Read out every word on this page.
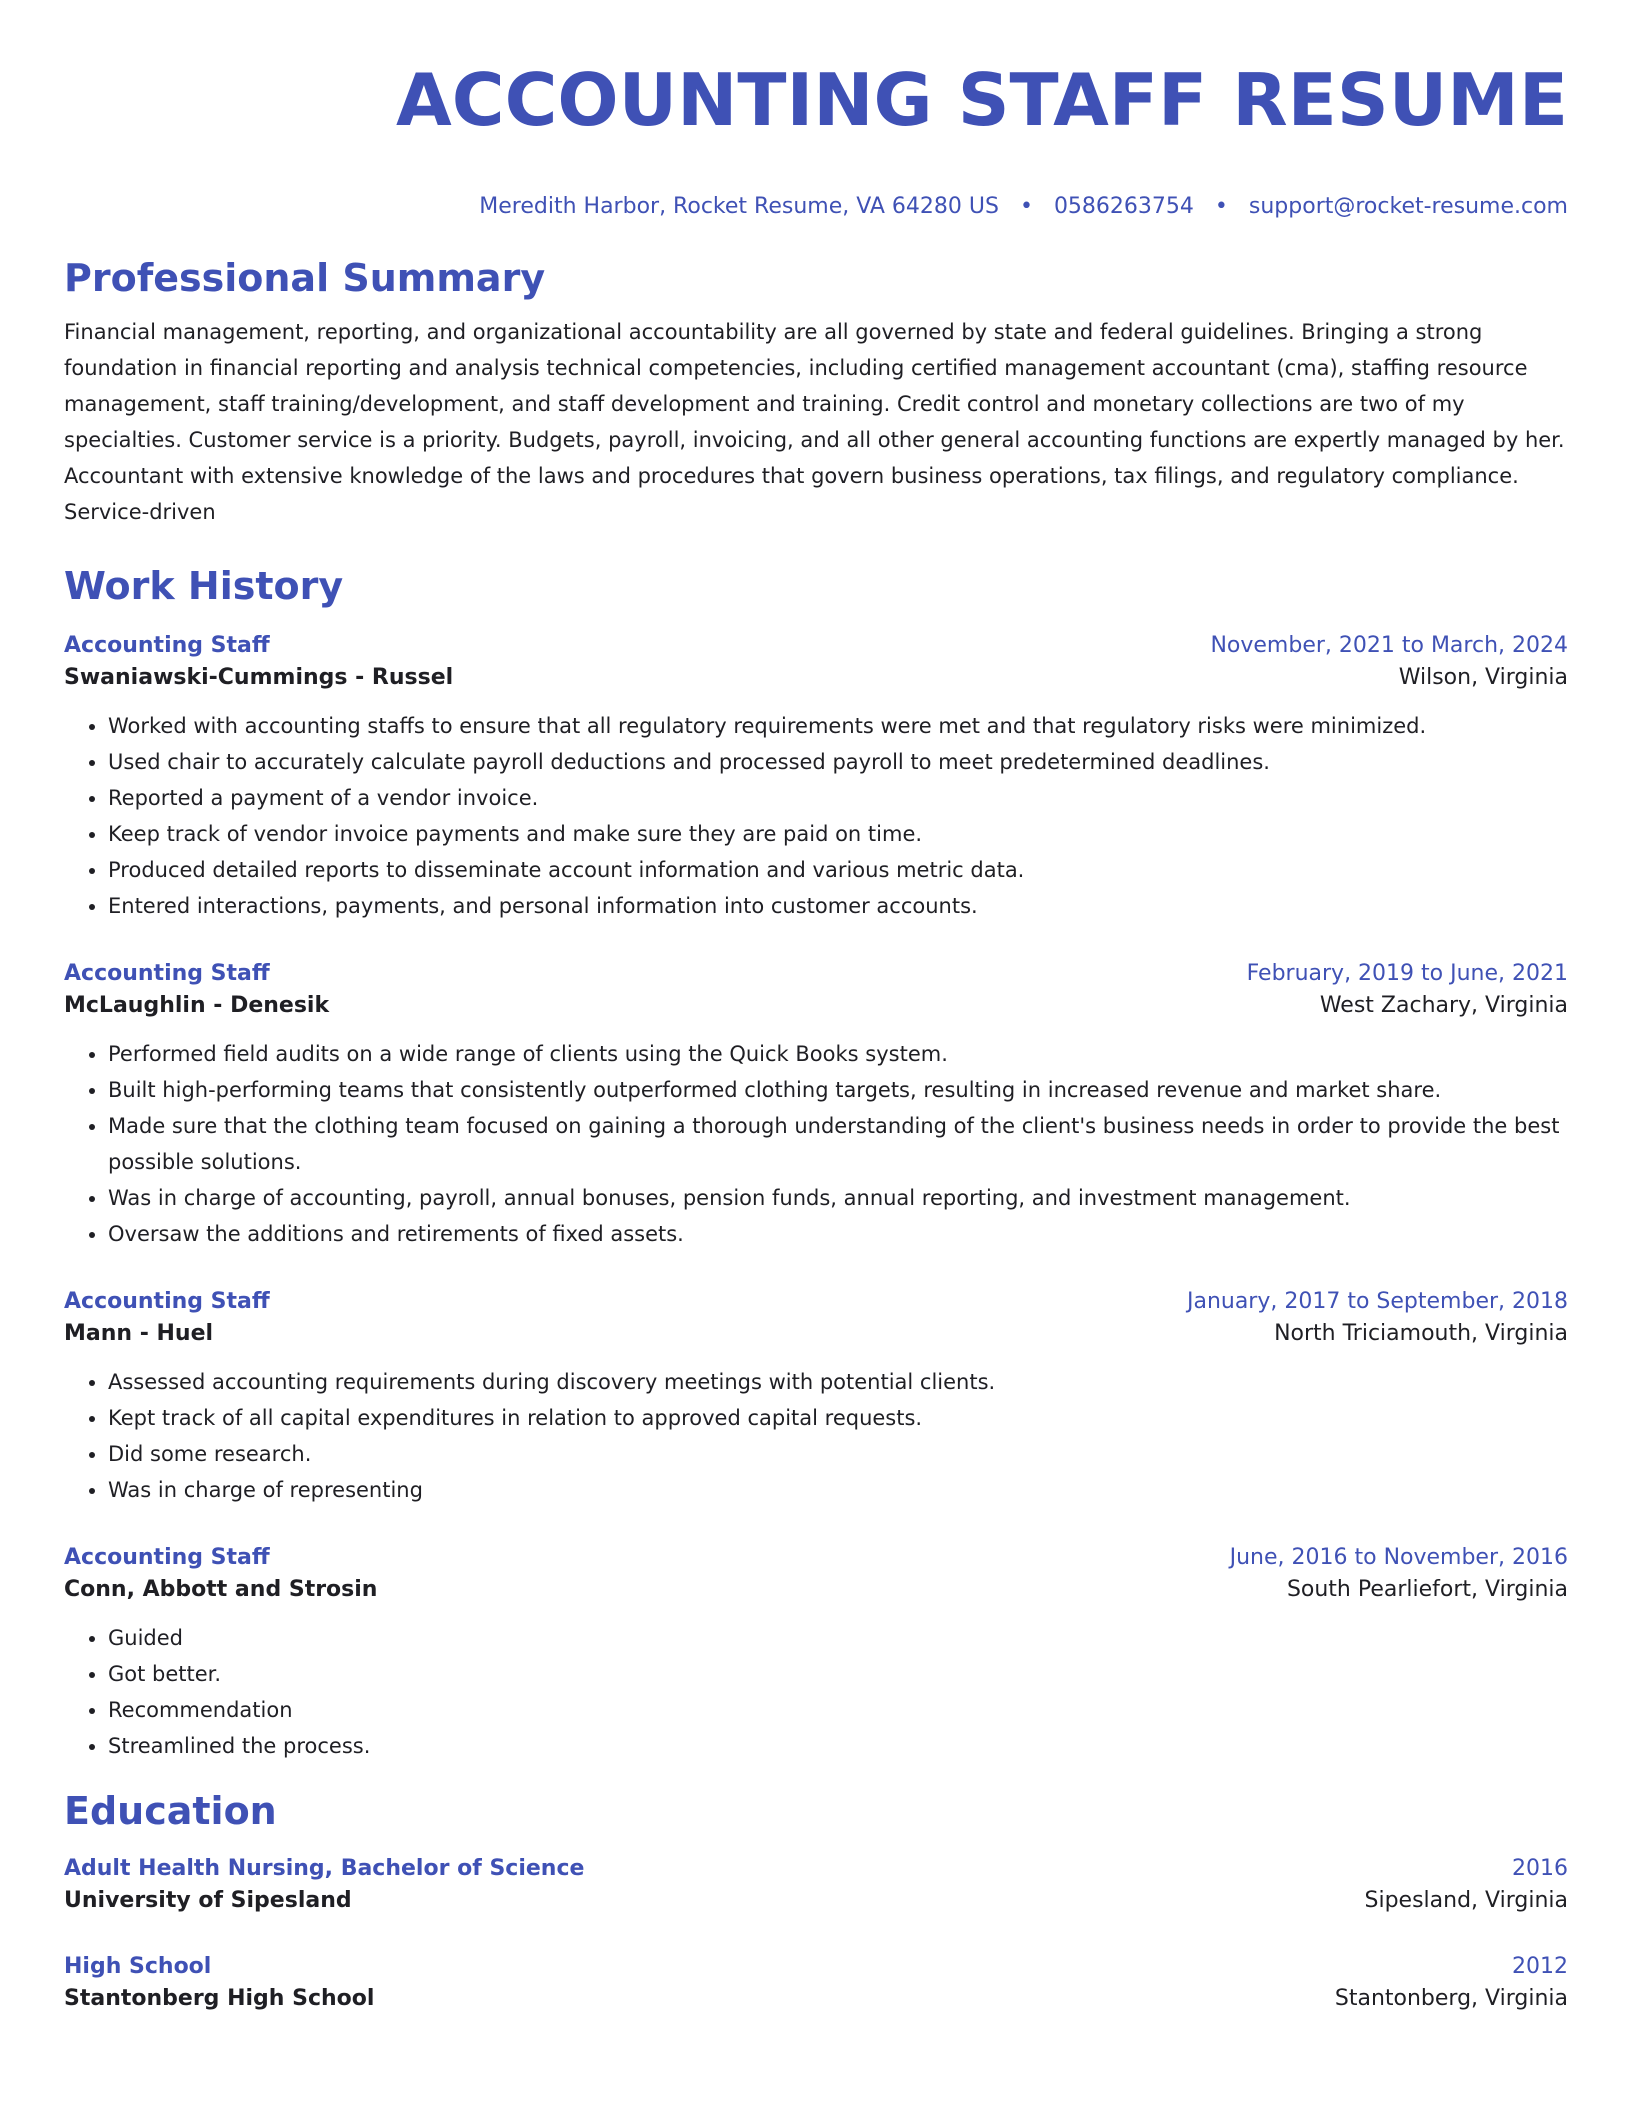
ACCOUNTING STAFF RESUME
Meredith Harbor, Rocket Resume, VA 64280 US • 0586263754 • support@rocket-resume.com
Professional Summary

Financial management, reporting, and organizational accountability are all governed by state and federal guidelines. Bringing a strong foundation in financial reporting and analysis technical competencies, including certified management accountant (cma), staffing resource management, staff training/development, and staff development and training. Credit control and monetary collections are two of my specialties. Customer service is a priority. Budgets, payroll, invoicing, and all other general accounting functions are expertly managed by her. Accountant with extensive knowledge of the laws and procedures that govern business operations, tax filings, and regulatory compliance. Service-driven

Work History
Accounting Staff	November, 2021 to March, 2024
Swaniawski-Cummings - Russel	Wilson, Virginia
• Worked with accounting staffs to ensure that all regulatory requirements were met and that regulatory risks were minimized.
• Used chair to accurately calculate payroll deductions and processed payroll to meet predetermined deadlines.
• Reported a payment of a vendor invoice.
• Keep track of vendor invoice payments and make sure they are paid on time.
• Produced detailed reports to disseminate account information and various metric data.
• Entered interactions, payments, and personal information into customer accounts.
Accounting Staff	February, 2019 to June, 2021
McLaughlin - Denesik	West Zachary, Virginia
• Performed field audits on a wide range of clients using the Quick Books system.
• Built high-performing teams that consistently outperformed clothing targets, resulting in increased revenue and market share.
• Made sure that the clothing team focused on gaining a thorough understanding of the client's business needs in order to provide the best possible solutions.
• Was in charge of accounting, payroll, annual bonuses, pension funds, annual reporting, and investment management.
• Oversaw the additions and retirements of fixed assets.
Accounting Staff	January, 2017 to September, 2018
Mann - Huel	North Triciamouth, Virginia
• Assessed accounting requirements during discovery meetings with potential clients.
• Kept track of all capital expenditures in relation to approved capital requests.
• Did some research.
• Was in charge of representing
Accounting Staff	June, 2016 to November, 2016
Conn, Abbott and Strosin	South Pearliefort, Virginia
• Guided
• Got better.
• Recommendation
• Streamlined the process.
Education
Adult Health Nursing, Bachelor of Science	2016
University of Sipesland	Sipesland, Virginia
High School	2012
Stantonberg High School	Stantonberg, Virginia
